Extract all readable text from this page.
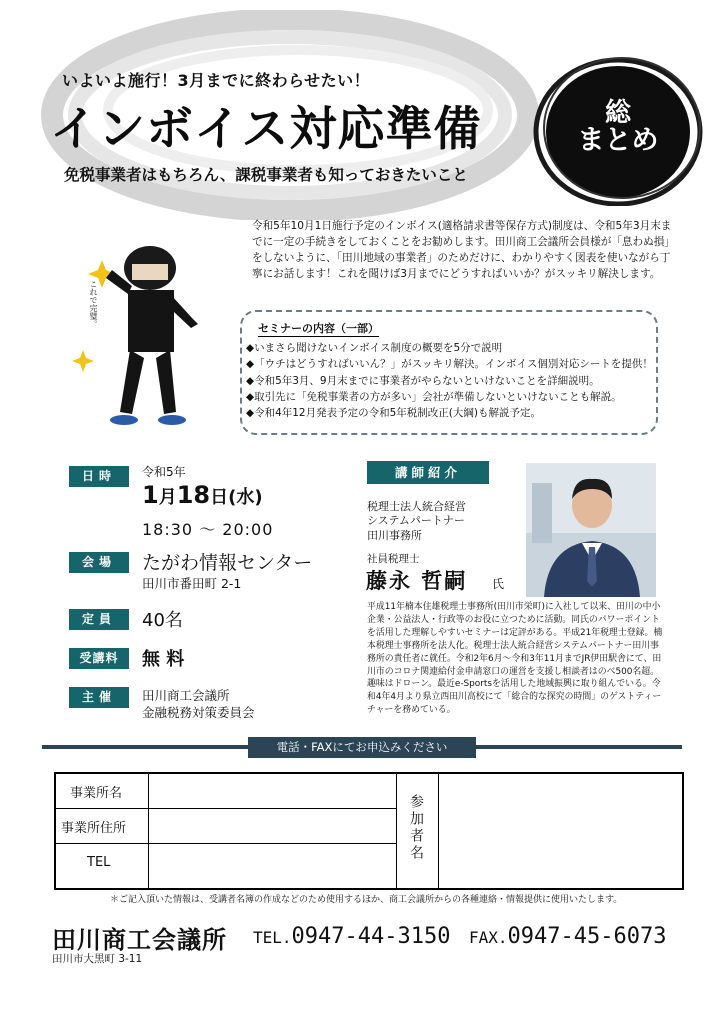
いよいよ施行！3月までに終わらせたい！
インボイス対応準備
免税事業者はもちろん、課税事業者も知っておきたいこと
総
まとめ

令和5年10月1日施行予定のインボイス(適格請求書等保存方式)制度は、令和5年3月末までに一定の手続きをしておくことをお勧めします。田川商工会議所会員様が「息わぬ損」をしないように、「田川地域の事業者」のためだけに、わかりやすく図表を使いながら丁寧にお話します！これを聞けば3月までにどうすればいいか？がスッキリ解決します。

これで完璧。
セミナーの内容（一部）
◆いまさら聞けないインボイス制度の概要を5分で説明
◆「ウチはどうすればいいん？」がスッキリ解決。インボイス個別対応シートを提供！
◆令和5年3月、9月末までに事業者がやらないといけないことを詳細説明。
◆取引先に「免税事業者の方が多い」会社が準備しないといけないことも解説。
◆令和4年12月発表予定の令和5年税制改正(大綱)も解説予定。
日時	令和5年
1月18日(水)
18:30 ～ 20:00
会場	たがわ情報センター
田川市番田町 2-1
定員	40名
受講料	無 料
主催	田川商工会議所
金融税務対策委員会
講師紹介
税理士法人統合経営
システムパートナー
田川事務所
社員税理士
藤永 哲嗣 氏

平成11年楠本住雄税理士事務所(田川市栄町)に入社して以来、田川の中小企業・公益法人・行政等のお役に立つために活動。同氏のパワーポイントを活用した理解しやすいセミナーは定評がある。平成21年税理士登録。楠本税理士事務所を法人化。税理士法人統合経営システムパートナー田川事務所の責任者に就任。令和2年6月～令和3年11月までJR伊田駅舎にて、田川市のコロナ関連給付金申請窓口の運営を支援し相談者はのべ500名超。趣味はドローン。最近e-Sportsを活用した地域振興に取り組んでいる。令和4年4月より県立西田川高校にて「総合的な探究の時間」のゲストティーチャーを務めている。

電話・FAXにてお申込みください
事業所名
事業所住所
TEL
参加者名
＊ご記入頂いた情報は、受講者名簿の作成などのため使用するほか、商工会議所からの各種連絡・情報提供に使用いたします。
田川商工会議所 TEL.0947-44-3150 FAX.0947-45-6073
田川市大黒町 3-11
